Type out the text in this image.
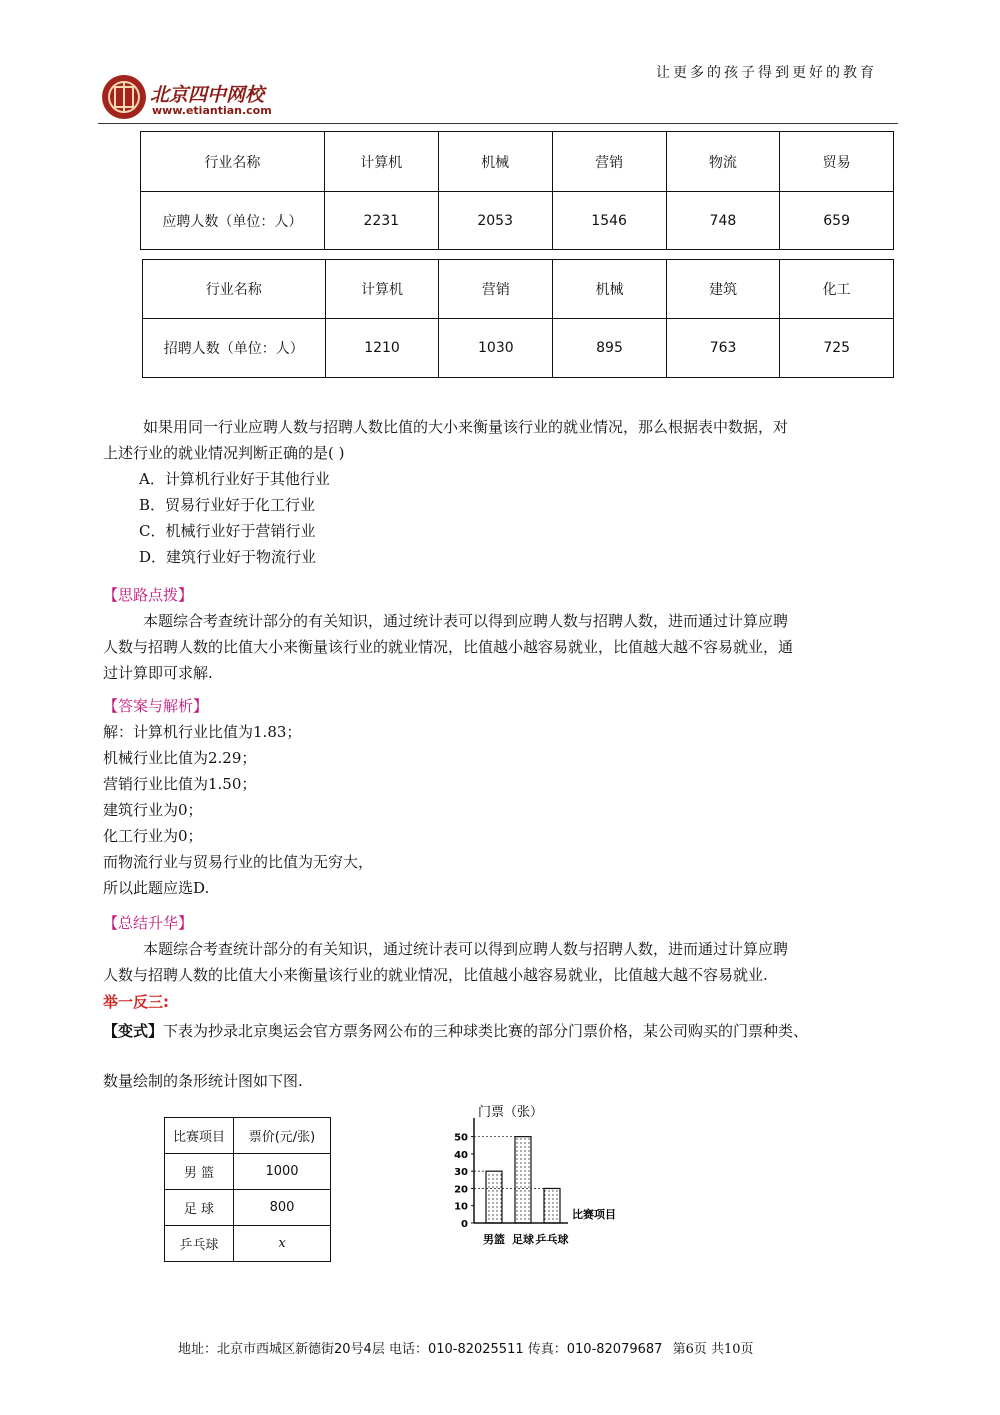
让更多的孩子得到更好的教育
北京四中网校
www.etiantian.com
行业名称	计算机	机械	营销	物流	贸易
应聘人数（单位：人）	2231	2053	1546	748	659
行业名称	计算机	营销	机械	建筑	化工
招聘人数（单位：人）	1210	1030	895	763	725
如果用同一行业应聘人数与招聘人数比值的大小来衡量该行业的就业情况，那么根据表中数据，对
上述行业的就业情况判断正确的是( )
A．计算机行业好于其他行业
B．贸易行业好于化工行业
C．机械行业好于营销行业
D．建筑行业好于物流行业
【思路点拨】
本题综合考查统计部分的有关知识，通过统计表可以得到应聘人数与招聘人数，进而通过计算应聘
人数与招聘人数的比值大小来衡量该行业的就业情况，比值越小越容易就业，比值越大越不容易就业，通
过计算即可求解.
【答案与解析】
解：计算机行业比值为1.83；
机械行业比值为2.29；
营销行业比值为1.50；
建筑行业为0；
化工行业为0；
而物流行业与贸易行业的比值为无穷大，
所以此题应选D.
【总结升华】
本题综合考查统计部分的有关知识，通过统计表可以得到应聘人数与招聘人数，进而通过计算应聘
人数与招聘人数的比值大小来衡量该行业的就业情况，比值越小越容易就业，比值越大越不容易就业.
举一反三:
【变式】下表为抄录北京奥运会官方票务网公布的三种球类比赛的部分门票价格，某公司购买的门票种类、
数量绘制的条形统计图如下图.
比赛项目	票价(元/张)
男 篮	1000
足 球	800
乒乓球	x
门票（张）
比赛项目
0
10
20
30
40
50
男篮 足球 乒乓球
地址：北京市西城区新德街20号4层 电话：010-82025511 传真：010-82079687 第6页 共10页
